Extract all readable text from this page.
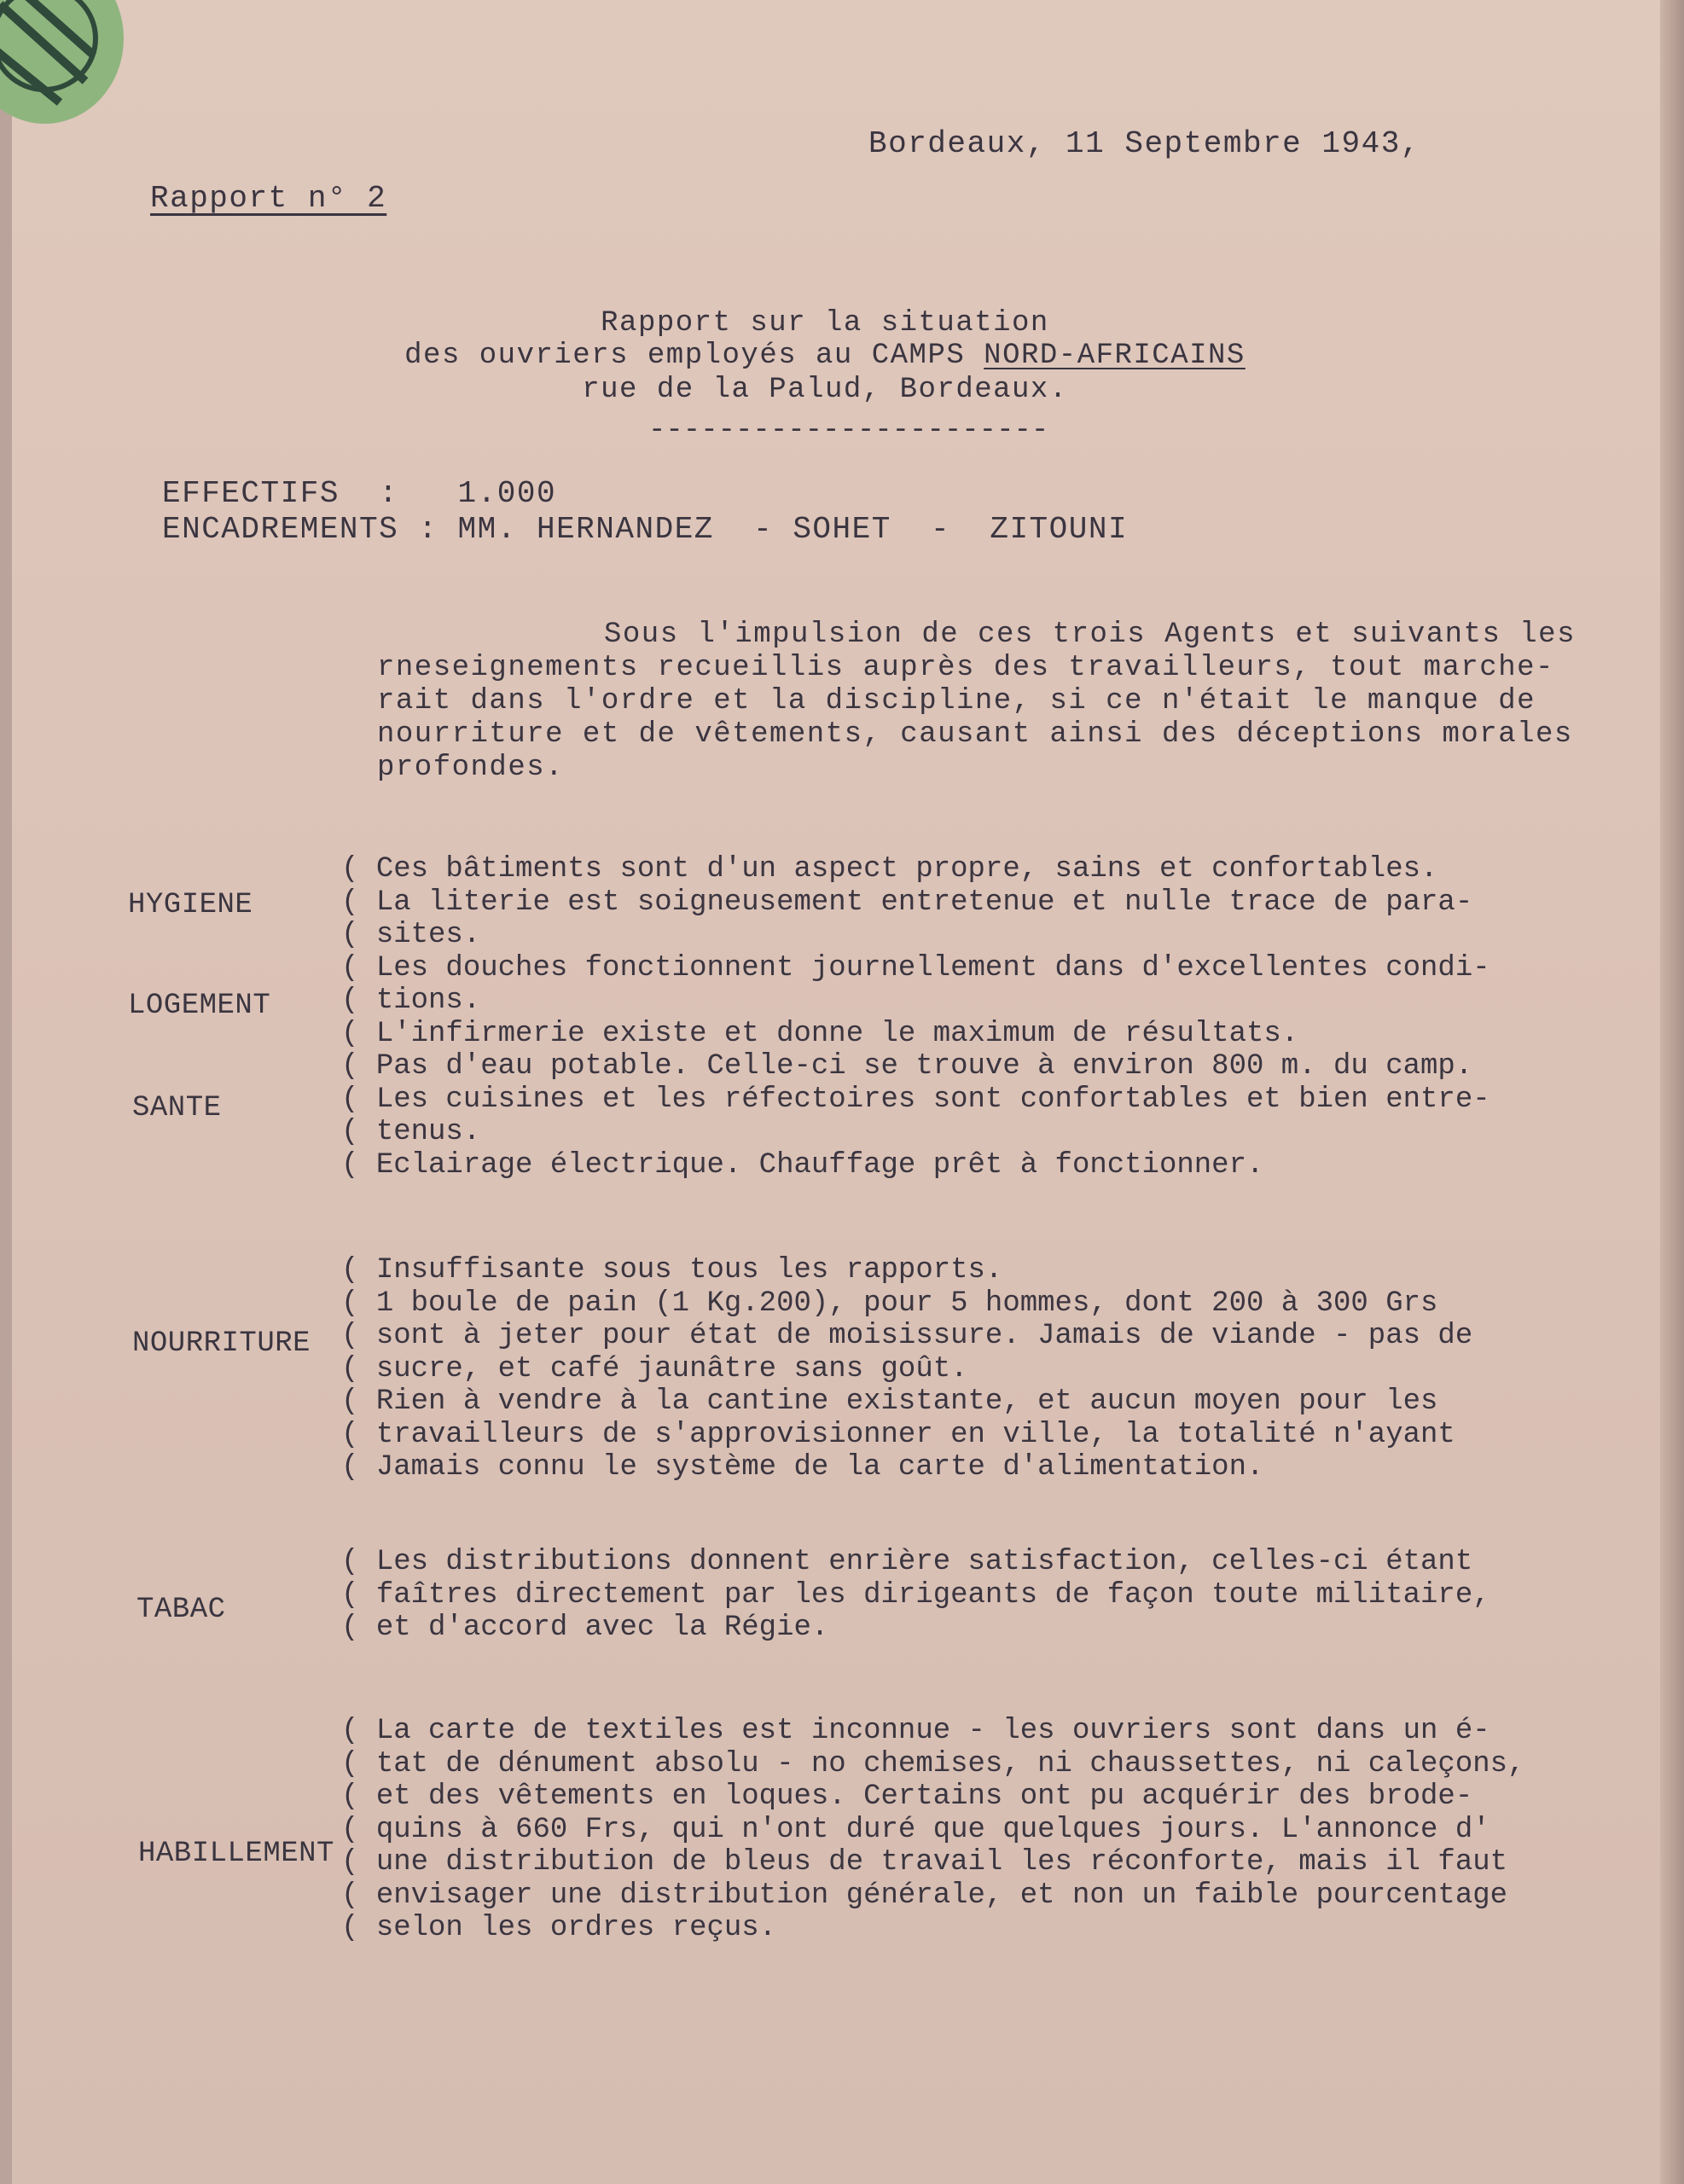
Bordeaux, 11 Septembre 1943,
Rapport n° 2
Rapport sur la situation
des ouvriers employés au CAMPS NORD-AFRICAINS
rue de la Palud, Bordeaux.
-----------------------
EFFECTIFS  :   1.000
ENCADREMENTS : MM. HERNANDEZ  - SOHET  -  ZITOUNI
Sous l'impulsion de ces trois Agents et suivants les
rneseignements recueillis auprès des travailleurs, tout marche-
rait dans l'ordre et la discipline, si ce n'était le manque de
nourriture et de vêtements, causant ainsi des déceptions morales
profondes.
HYGIENE
LOGEMENT
SANTE
( Ces bâtiments sont d'un aspect propre, sains et confortables.
( La literie est soigneusement entretenue et nulle trace de para-
( sites.
( Les douches fonctionnent journellement dans d'excellentes condi-
( tions.
( L'infirmerie existe et donne le maximum de résultats.
( Pas d'eau potable. Celle-ci se trouve à environ 800 m. du camp.
( Les cuisines et les réfectoires sont confortables et bien entre-
( tenus.
( Eclairage électrique. Chauffage prêt à fonctionner.
NOURRITURE
( Insuffisante sous tous les rapports.
( 1 boule de pain (1 Kg.200), pour 5 hommes, dont 200 à 300 Grs
( sont à jeter pour état de moisissure. Jamais de viande - pas de
( sucre, et café jaunâtre sans goût.
( Rien à vendre à la cantine existante, et aucun moyen pour les
( travailleurs de s'approvisionner en ville, la totalité n'ayant
( Jamais connu le système de la carte d'alimentation.
TABAC
( Les distributions donnent enrière satisfaction, celles-ci étant
( faîtres directement par les dirigeants de façon toute militaire,
( et d'accord avec la Régie.
HABILLEMENT
( La carte de textiles est inconnue - les ouvriers sont dans un é-
( tat de dénument absolu - no chemises, ni chaussettes, ni caleçons,
( et des vêtements en loques. Certains ont pu acquérir des brode-
( quins à 660 Frs, qui n'ont duré que quelques jours. L'annonce d'
( une distribution de bleus de travail les réconforte, mais il faut
( envisager une distribution générale, et non un faible pourcentage
( selon les ordres reçus.
